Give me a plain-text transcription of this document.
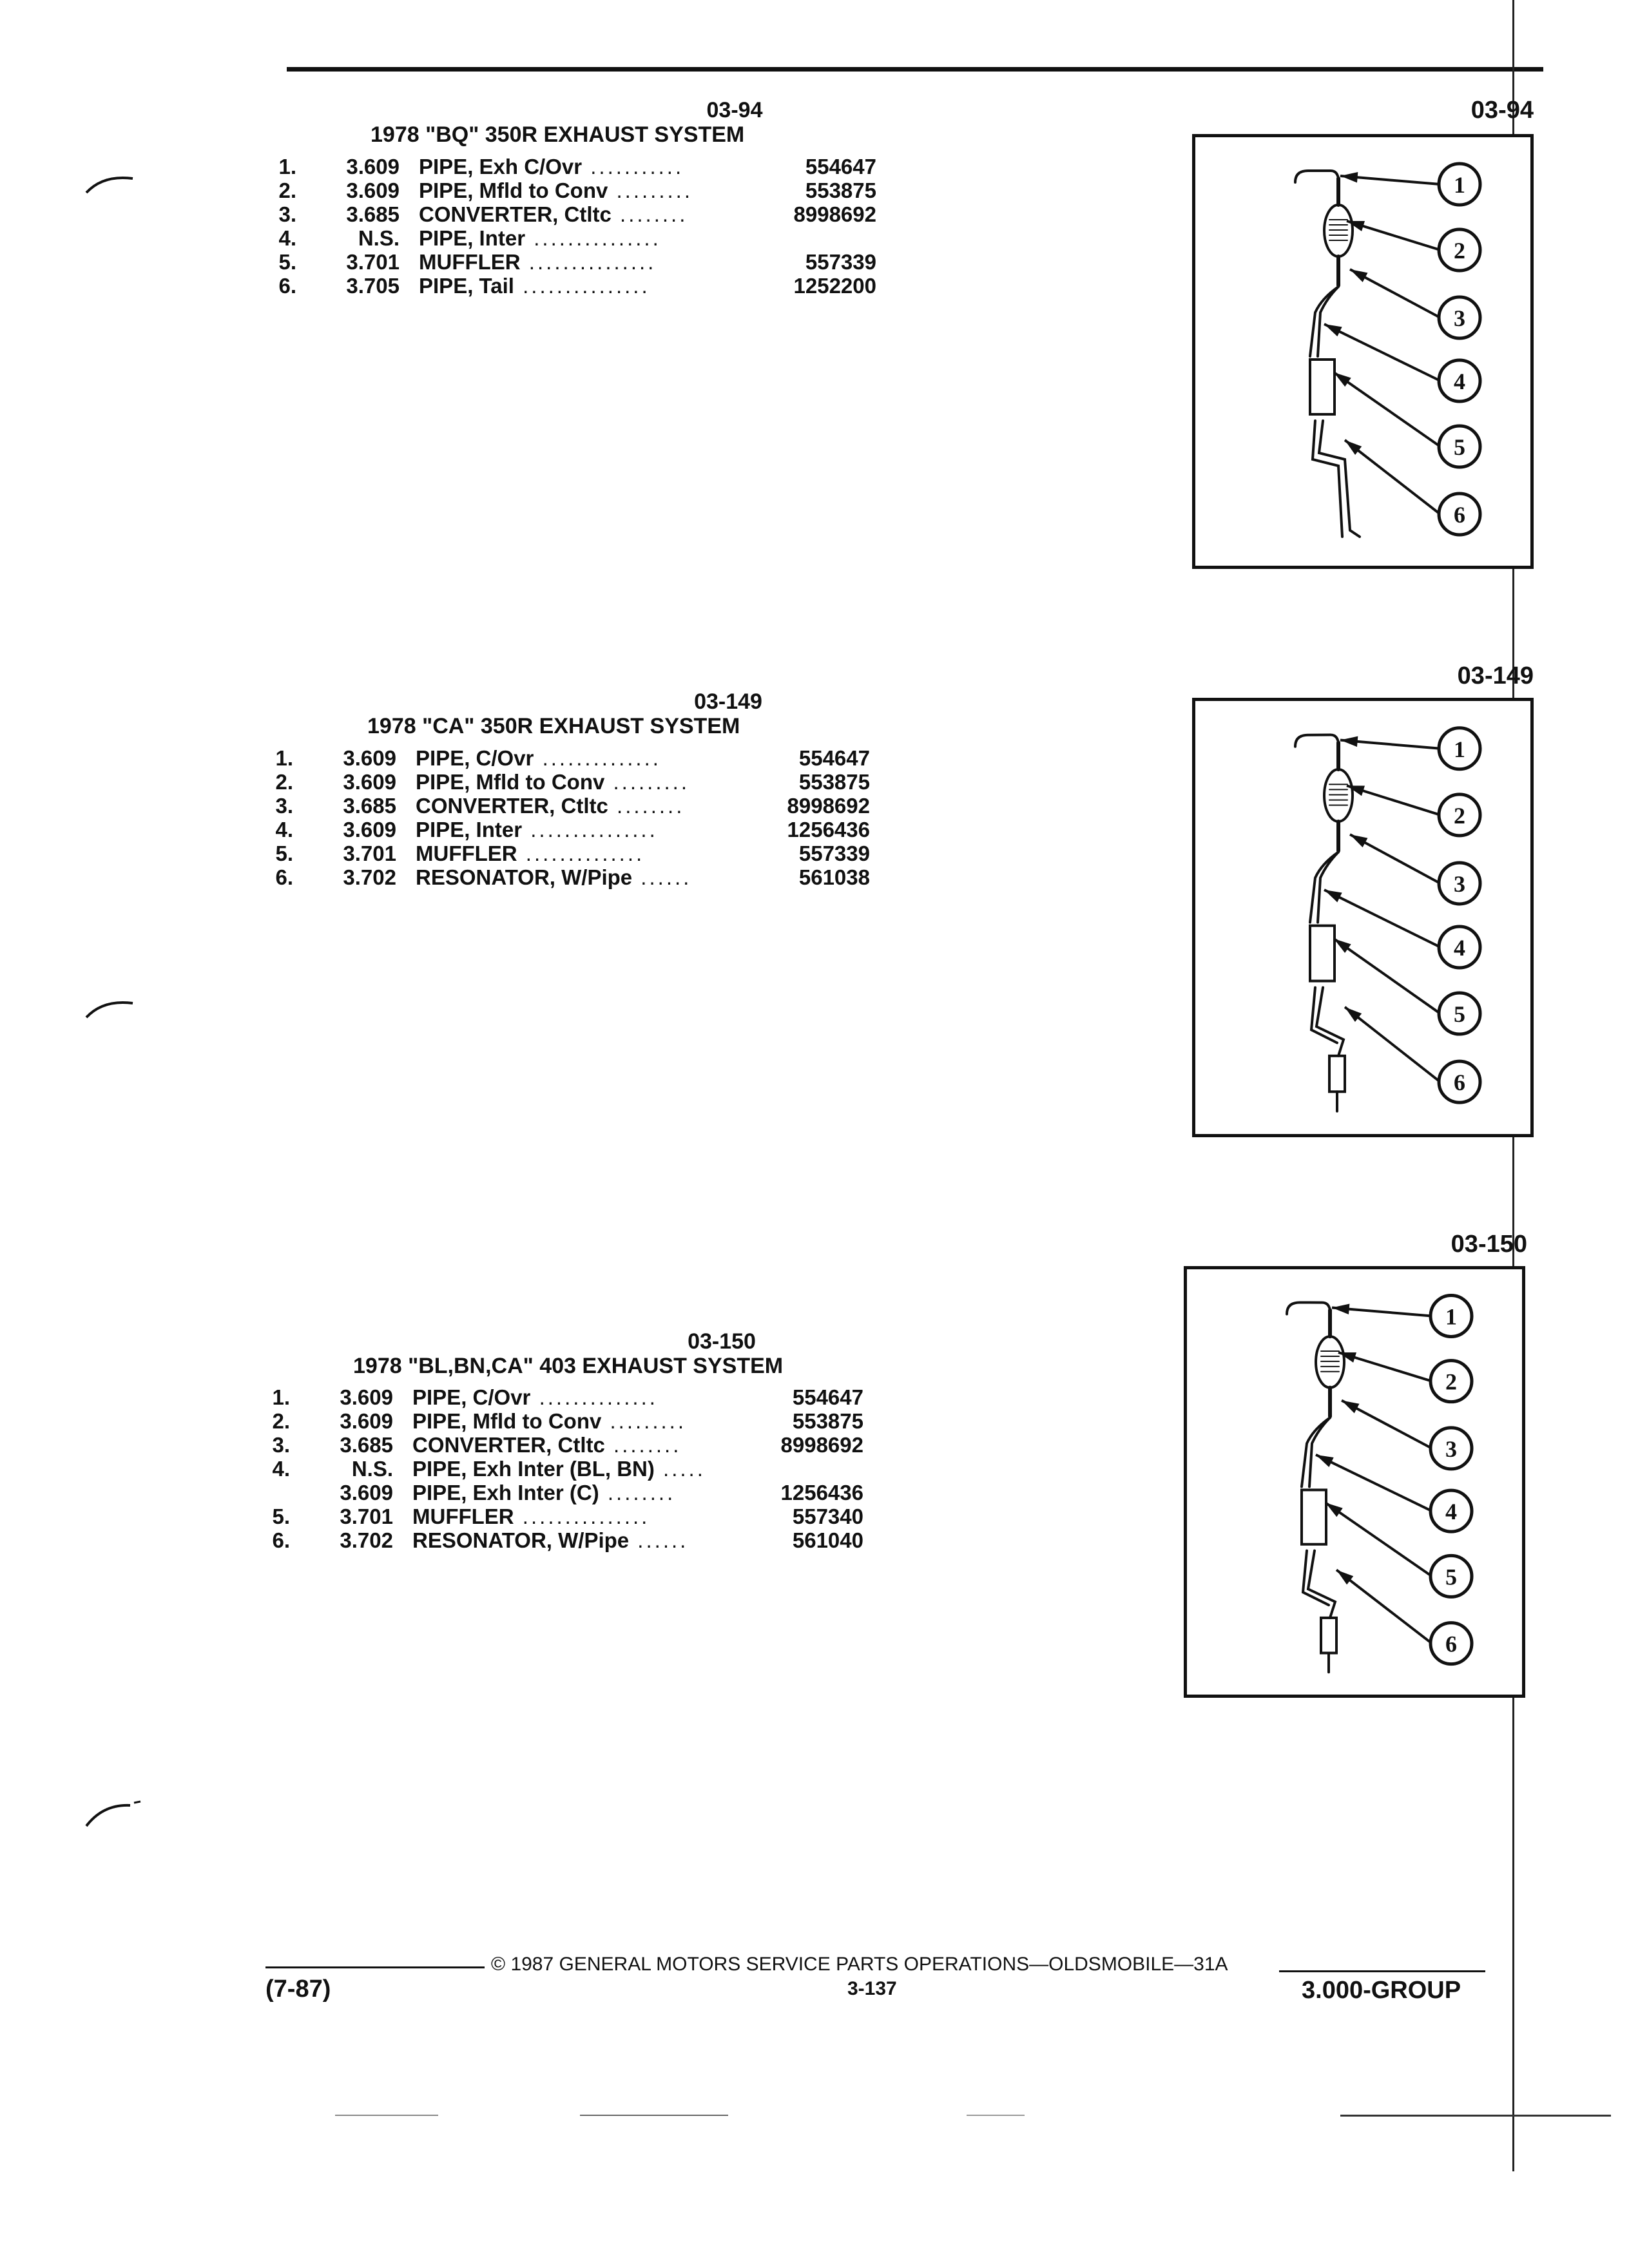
03-94
1978 "BQ" 350R EXHAUST SYSTEM
1.	3.609 PIPE, Exh C/Ovr ...........	554647
2.	3.609 PIPE, Mfld to Conv .........	553875
3.	3.685 CONVERTER, Ctltc ........	8998692
4.	N.S. PIPE, Inter ...............
5.	3.701 MUFFLER ...............	557339
6.	3.705 PIPE, Tail ...............	1252200
03-94
1
2
3
4
5
6
03-149
1978 "CA" 350R EXHAUST SYSTEM
1.	3.609 PIPE, C/Ovr ..............	554647
2.	3.609 PIPE, Mfld to Conv .........	553875
3.	3.685 CONVERTER, Ctltc ........	8998692
4.	3.609 PIPE, Inter ...............	1256436
5.	3.701 MUFFLER ..............	557339
6.	3.702 RESONATOR, W/Pipe ......	561038
03-149
1
2
3
4
5
6
03-150
1978 "BL,BN,CA" 403 EXHAUST SYSTEM
1.	3.609 PIPE, C/Ovr ..............	554647
2.	3.609 PIPE, Mfld to Conv .........	553875
3.	3.685 CONVERTER, Ctltc ........	8998692
4.	N.S. PIPE, Exh Inter (BL, BN) .....
3.609 PIPE, Exh Inter (C) ........	1256436
5.	3.701 MUFFLER ...............	557340
6.	3.702 RESONATOR, W/Pipe ......	561040
03-150
1
2
3
4
5
6
© 1987 GENERAL MOTORS SERVICE PARTS OPERATIONS—OLDSMOBILE—31A
(7-87)	3-137	3.000-GROUP
